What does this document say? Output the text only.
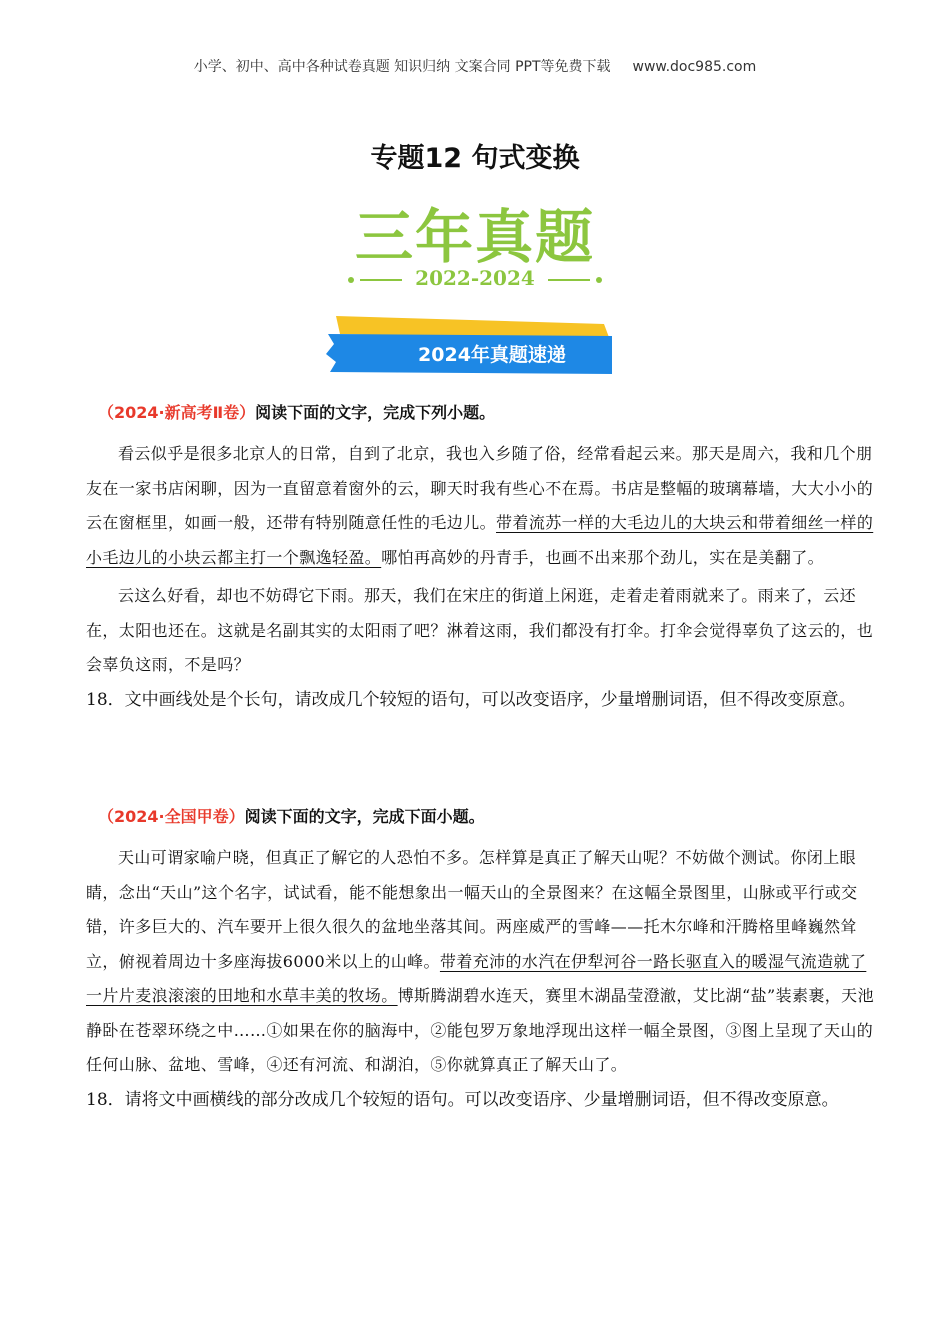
小学、初中、高中各种试卷真题 知识归纳 文案合同 PPT等免费下载 www.doc985.com
专题12 句式变换
三年真题
2022-2024
2024年真题速递
（2024·新高考Ⅱ卷）阅读下面的文字，完成下列小题。
看云似乎是很多北京人的日常，自到了北京，我也入乡随了俗，经常看起云来。那天是周六，我和几个朋友在一家书店闲聊，因为一直留意着窗外的云，聊天时我有些心不在焉。书店是整幅的玻璃幕墙，大大小小的云在窗框里，如画一般，还带有特别随意任性的毛边儿。带着流苏一样的大毛边儿的大块云和带着细丝一样的小毛边儿的小块云都主打一个飘逸轻盈。哪怕再高妙的丹青手，也画不出来那个劲儿，实在是美翻了。
云这么好看，却也不妨碍它下雨。那天，我们在宋庄的街道上闲逛，走着走着雨就来了。雨来了，云还在，太阳也还在。这就是名副其实的太阳雨了吧？淋着这雨，我们都没有打伞。打伞会觉得辜负了这云的，也会辜负这雨，不是吗？
18．文中画线处是个长句，请改成几个较短的语句，可以改变语序，少量增删词语，但不得改变原意。
（2024·全国甲卷）阅读下面的文字，完成下面小题。
天山可谓家喻户晓，但真正了解它的人恐怕不多。怎样算是真正了解天山呢？不妨做个测试。你闭上眼睛，念出“天山”这个名字，试试看，能不能想象出一幅天山的全景图来？在这幅全景图里，山脉或平行或交错，许多巨大的、汽车要开上很久很久的盆地坐落其间。两座威严的雪峰——托木尔峰和汗腾格里峰巍然耸立，俯视着周边十多座海拔6000米以上的山峰。带着充沛的水汽在伊犁河谷一路长驱直入的暖湿气流造就了一片片麦浪滚滚的田地和水草丰美的牧场。博斯腾湖碧水连天，赛里木湖晶莹澄澈，艾比湖“盐”装素裹，天池静卧在苍翠环绕之中……①如果在你的脑海中，②能包罗万象地浮现出这样一幅全景图，③图上呈现了天山的任何山脉、盆地、雪峰，④还有河流、和湖泊，⑤你就算真正了解天山了。
18．请将文中画横线的部分改成几个较短的语句。可以改变语序、少量增删词语，但不得改变原意。
